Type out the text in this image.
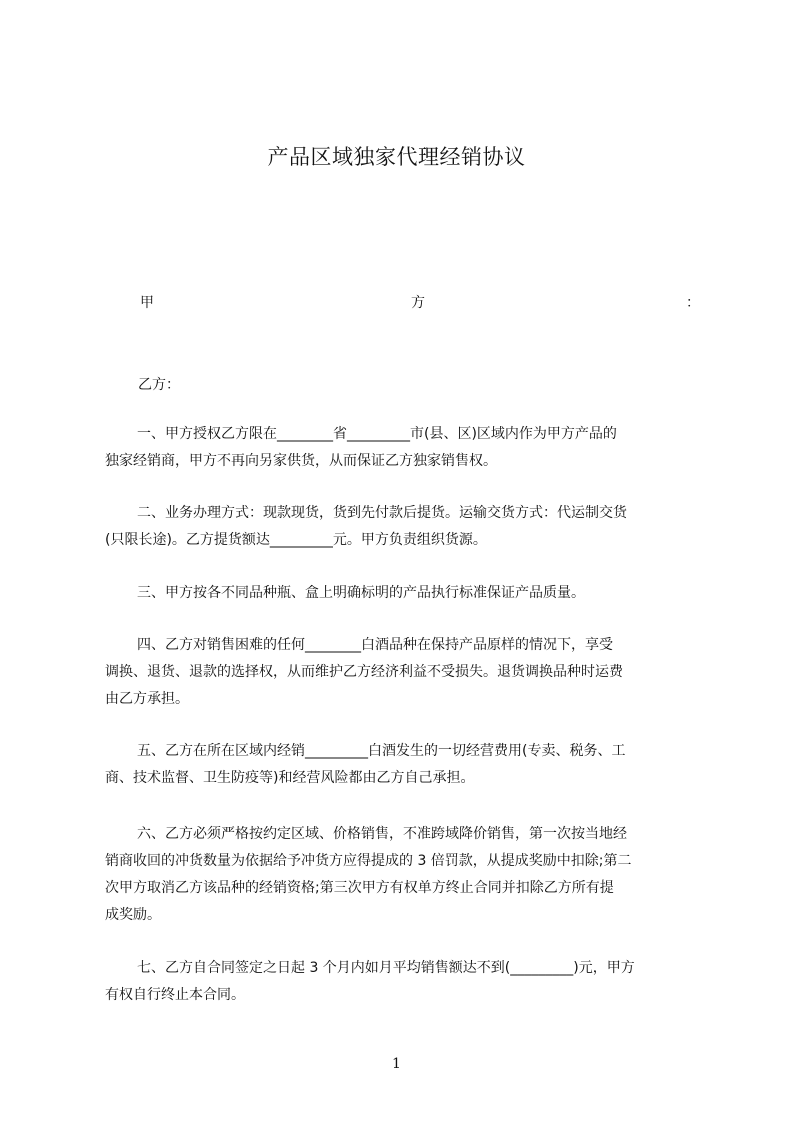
产品区域独家代理经销协议
甲	方	：
乙方：
一、甲方授权乙方限在________省_________市(县、区)区域内作为甲方产品的
独家经销商，甲方不再向另家供货，从而保证乙方独家销售权。
二、业务办理方式：现款现货，货到先付款后提货。运输交货方式：代运制交货
(只限长途)。乙方提货额达_________元。甲方负责组织货源。
三、甲方按各不同品种瓶、盒上明确标明的产品执行标准保证产品质量。
四、乙方对销售困难的任何________白酒品种在保持产品原样的情况下，享受
调换、退货、退款的选择权，从而维护乙方经济利益不受损失。退货调换品种时运费
由乙方承担。
五、乙方在所在区域内经销_________白酒发生的一切经营费用(专卖、税务、工
商、技术监督、卫生防疫等)和经营风险都由乙方自己承担。
六、乙方必须严格按约定区域、价格销售，不准跨域降价销售，第一次按当地经
销商收回的冲货数量为依据给予冲货方应得提成的 3 倍罚款，从提成奖励中扣除;第二
次甲方取消乙方该品种的经销资格;第三次甲方有权单方终止合同并扣除乙方所有提
成奖励。
七、乙方自合同签定之日起 3 个月内如月平均销售额达不到(_________)元，甲方
有权自行终止本合同。
1
